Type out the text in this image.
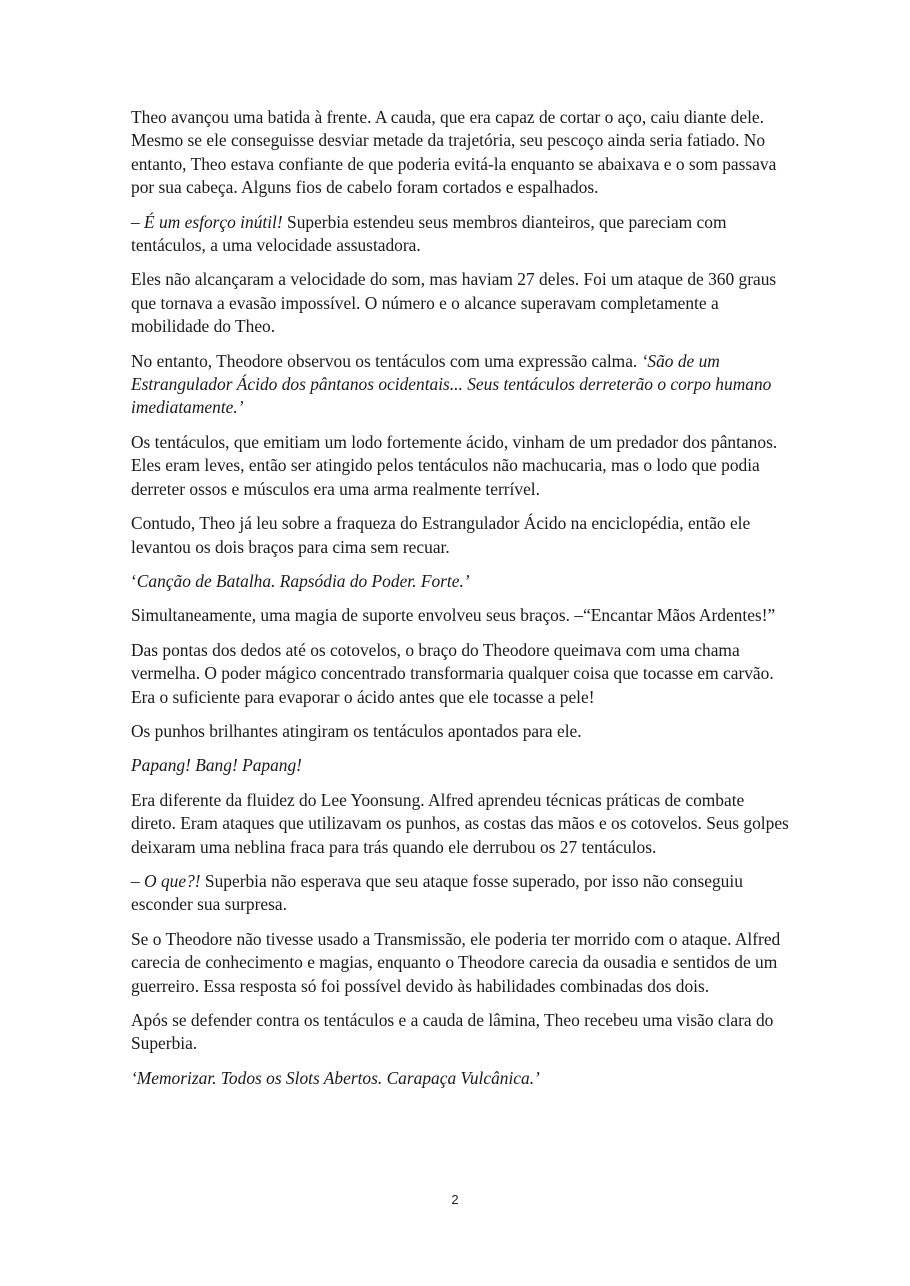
Theo avançou uma batida à frente. A cauda, que era capaz de cortar o aço, caiu diante dele. Mesmo se ele conseguisse desviar metade da trajetória, seu pescoço ainda seria fatiado. No entanto, Theo estava confiante de que poderia evitá-la enquanto se abaixava e o som passava por sua cabeça. Alguns fios de cabelo foram cortados e espalhados.

– É um esforço inútil! Superbia estendeu seus membros dianteiros, que pareciam com tentáculos, a uma velocidade assustadora.

Eles não alcançaram a velocidade do som, mas haviam 27 deles. Foi um ataque de 360 graus que tornava a evasão impossível. O número e o alcance superavam completamente a mobilidade do Theo.

No entanto, Theodore observou os tentáculos com uma expressão calma. ‘São de um Estrangulador Ácido dos pântanos ocidentais... Seus tentáculos derreterão o corpo humano imediatamente.’

Os tentáculos, que emitiam um lodo fortemente ácido, vinham de um predador dos pântanos. Eles eram leves, então ser atingido pelos tentáculos não machucaria, mas o lodo que podia derreter ossos e músculos era uma arma realmente terrível.

Contudo, Theo já leu sobre a fraqueza do Estrangulador Ácido na enciclopédia, então ele levantou os dois braços para cima sem recuar.

‘Canção de Batalha. Rapsódia do Poder. Forte.’

Simultaneamente, uma magia de suporte envolveu seus braços. –“Encantar Mãos Ardentes!”

Das pontas dos dedos até os cotovelos, o braço do Theodore queimava com uma chama vermelha. O poder mágico concentrado transformaria qualquer coisa que tocasse em carvão. Era o suficiente para evaporar o ácido antes que ele tocasse a pele!

Os punhos brilhantes atingiram os tentáculos apontados para ele.

Papang! Bang! Papang!

Era diferente da fluidez do Lee Yoonsung. Alfred aprendeu técnicas práticas de combate direto. Eram ataques que utilizavam os punhos, as costas das mãos e os cotovelos. Seus golpes deixaram uma neblina fraca para trás quando ele derrubou os 27 tentáculos.

– O que?! Superbia não esperava que seu ataque fosse superado, por isso não conseguiu esconder sua surpresa.

Se o Theodore não tivesse usado a Transmissão, ele poderia ter morrido com o ataque. Alfred carecia de conhecimento e magias, enquanto o Theodore carecia da ousadia e sentidos de um guerreiro. Essa resposta só foi possível devido às habilidades combinadas dos dois.

Após se defender contra os tentáculos e a cauda de lâmina, Theo recebeu uma visão clara do Superbia.

‘Memorizar. Todos os Slots Abertos. Carapaça Vulcânica.’

2
